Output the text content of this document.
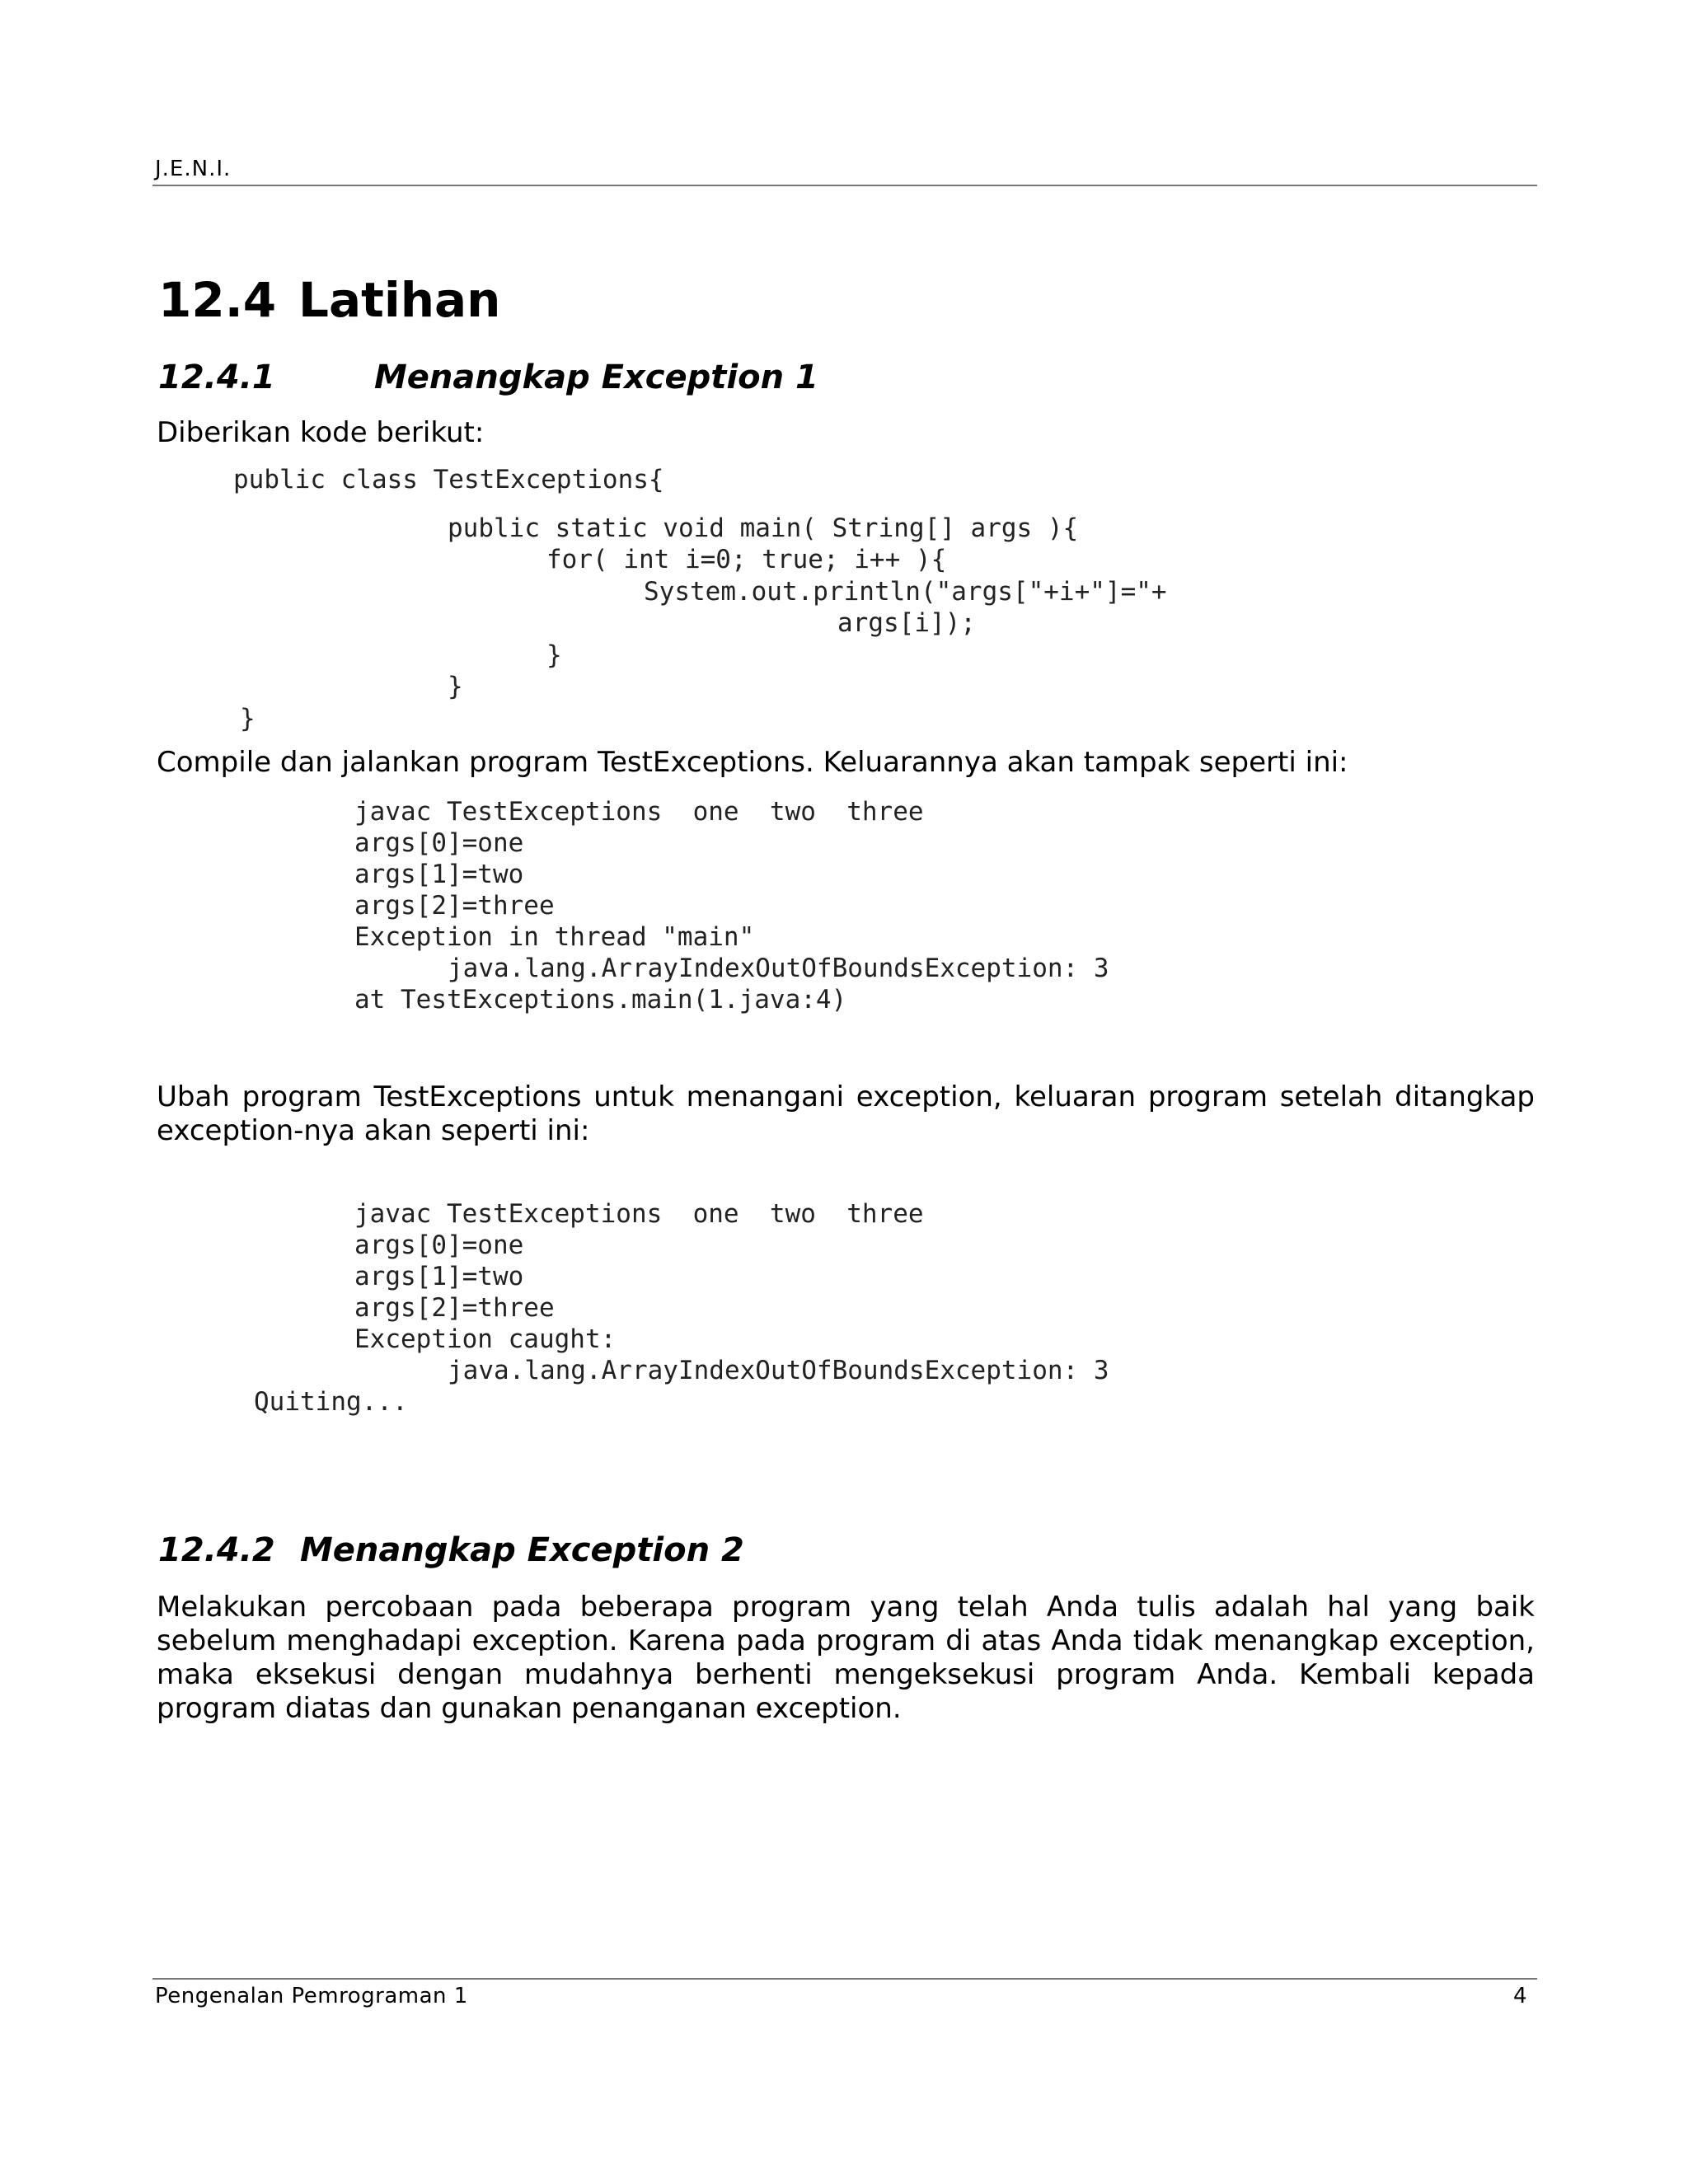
J.E.N.I.
12.4 Latihan
12.4.1	Menangkap Exception 1
Diberikan kode berikut:
public class TestExceptions{
public static void main( String[] args ){
for( int i=0; true; i++ ){
System.out.println("args["+i+"]="+
args[i]);
}
}
}
Compile dan jalankan program TestExceptions. Keluarannya akan tampak seperti ini:
javac TestExceptions  one  two  three
args[0]=one
args[1]=two
args[2]=three
Exception in thread "main"
java.lang.ArrayIndexOutOfBoundsException: 3
at TestExceptions.main(1.java:4)
Ubah program TestExceptions untuk menangani exception, keluaran program setelah ditangkap exception-nya akan seperti ini:
javac TestExceptions  one  two  three
args[0]=one
args[1]=two
args[2]=three
Exception caught:
java.lang.ArrayIndexOutOfBoundsException: 3
Quiting...
12.4.2 Menangkap Exception 2
Melakukan percobaan pada beberapa program yang telah Anda tulis adalah hal yang baik sebelum menghadapi exception. Karena pada program di atas Anda tidak menangkap exception, maka eksekusi dengan mudahnya berhenti mengeksekusi program Anda. Kembali kepada program diatas dan gunakan penanganan exception.
Pengenalan Pemrograman 1	4
